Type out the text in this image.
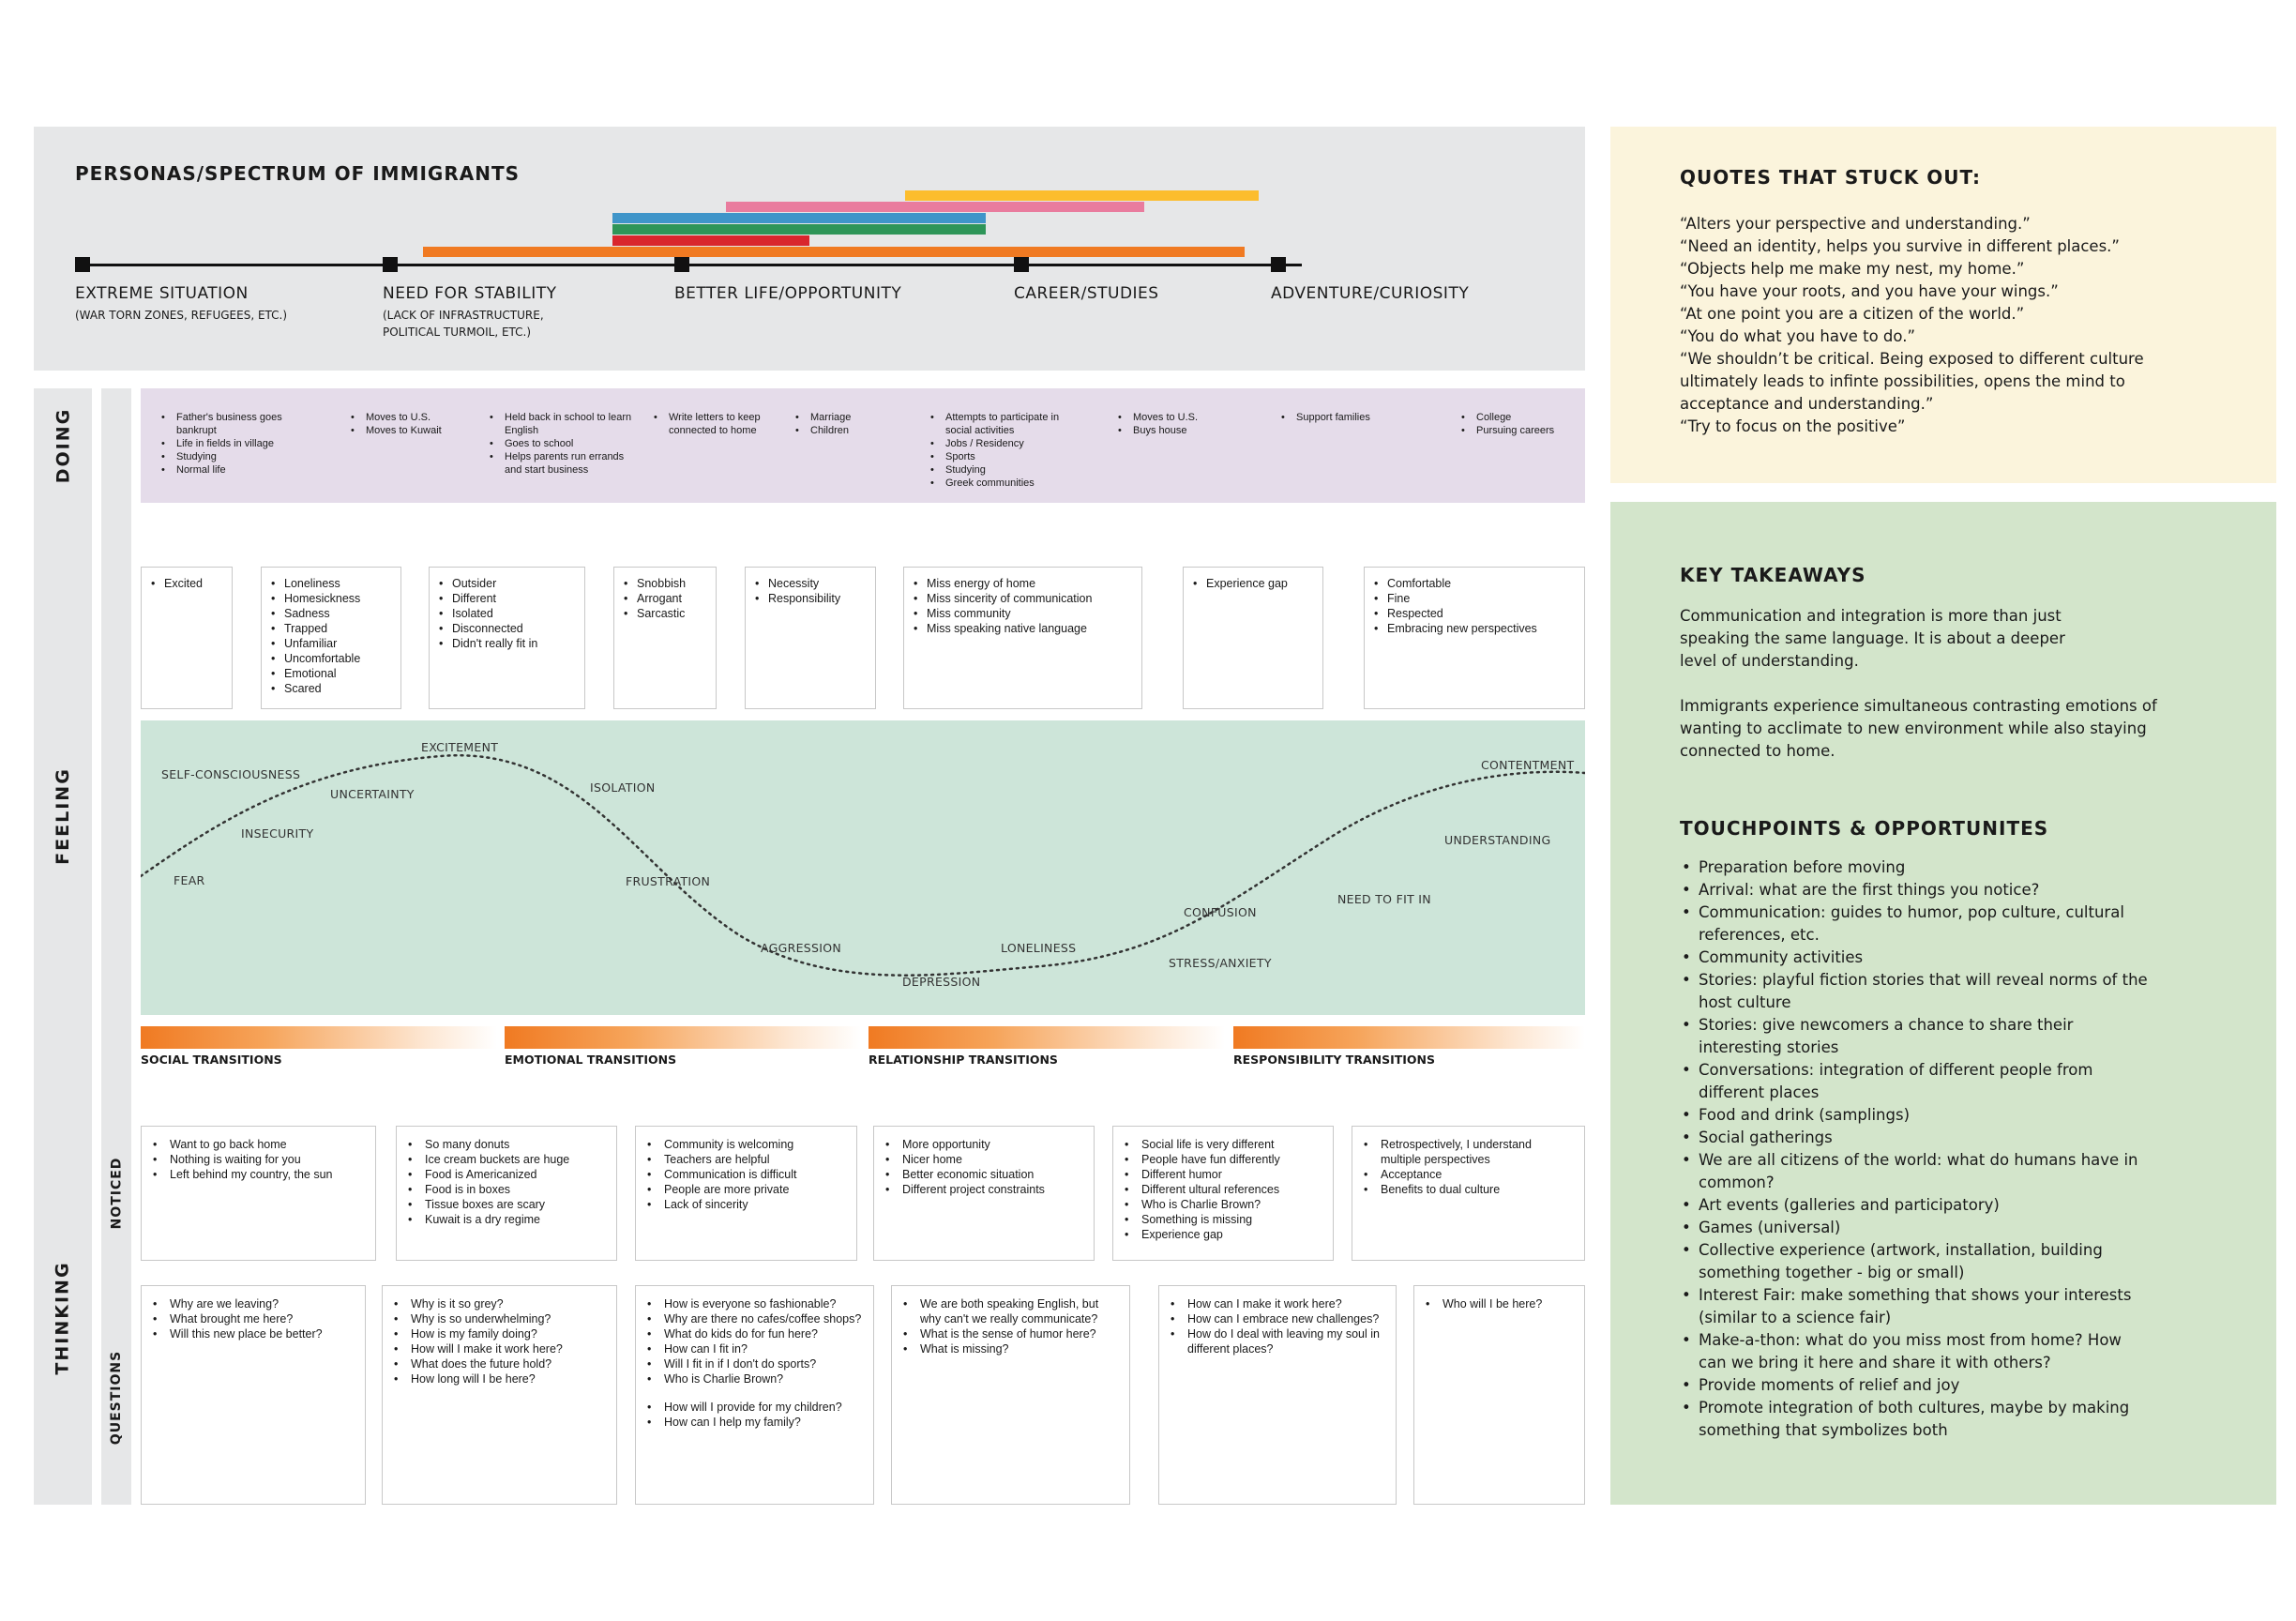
PERSONAS/SPECTRUM OF IMMIGRANTS
EXTREME SITUATION
(WAR TORN ZONES, REFUGEES, ETC.)
NEED FOR STABILITY
(LACK OF INFRASTRUCTURE, POLITICAL TURMOIL, ETC.)
BETTER LIFE/OPPORTUNITY	CAREER/STUDIES	ADVENTURE/CURIOSITY
DOING
FEELING
THINKING
NOTICED
QUESTIONS
• Father's business goes bankrupt
• Life in fields in village
• Studying
• Normal life
• Moves to U.S.
• Moves to Kuwait
• Held back in school to learn English
• Goes to school
• Helps parents run errands and start business
• Write letters to keep connected to home
• Marriage
• Children
• Attempts to participate in social activities
• Jobs / Residency
• Sports
• Studying
• Greek communities
• Moves to U.S.
• Buys house
• Support families	• College
• Pursuing careers
• Excited	• Loneliness
• Homesickness
• Sadness
• Trapped
• Unfamiliar
• Uncomfortable
• Emotional
• Scared
• Outsider
• Different
• Isolated
• Disconnected
• Didn't really fit in
• Snobbish
• Arrogant
• Sarcastic
• Necessity
• Responsibility
• Miss energy of home
• Miss sincerity of communication
• Miss community
• Miss speaking native language
• Experience gap	• Comfortable
• Fine
• Respected
• Embracing new perspectives
FEAR
INSECURITY
SELF-CONSCIOUSNESS
UNCERTAINTY
EXCITEMENT
ISOLATION
FRUSTRATION
AGGRESSION
DEPRESSION
LONELINESS
STRESS/ANXIETY
CONFUSION
NEED TO FIT IN
UNDERSTANDING
CONTENTMENT
SOCIAL TRANSITIONS	EMOTIONAL TRANSITIONS	RELATIONSHIP TRANSITIONS	RESPONSIBILITY TRANSITIONS
• Want to go back home
• Nothing is waiting for you
• Left behind my country, the sun
• So many donuts
• Ice cream buckets are huge
• Food is Americanized
• Food is in boxes
• Tissue boxes are scary
• Kuwait is a dry regime
• Community is welcoming
• Teachers are helpful
• Communication is difficult
• People are more private
• Lack of sincerity
• More opportunity
• Nicer home
• Better economic situation
• Different project constraints
• Social life is very different
• People have fun differently
• Different humor
• Different ultural references
• Who is Charlie Brown?
• Something is missing
• Experience gap
• Retrospectively, I understand multiple perspectives
• Acceptance
• Benefits to dual culture
• Why are we leaving?
• What brought me here?
• Will this new place be better?
• Why is it so grey?
• Why is so underwhelming?
• How is my family doing?
• How will I make it work here?
• What does the future hold?
• How long will I be here?
• How is everyone so fashionable?
• Why are there no cafes/coffee shops?
• What do kids do for fun here?
• How can I fit in?
• Will I fit in if I don't do sports?
• Who is Charlie Brown?
• How will I provide for my children?
• How can I help my family?
• We are both speaking English, but why can't we really communicate?
• What is the sense of humor here?
• What is missing?
• How can I make it work here?
• How can I embrace new challenges?
• How do I deal with leaving my soul in different places?
• Who will I be here?
QUOTES THAT STUCK OUT:
“Alters your perspective and understanding.”
“Need an identity, helps you survive in different places.”
“Objects help me make my nest, my home.”
“You have your roots, and you have your wings.”
“At one point you are a citizen of the world.”
“You do what you have to do.”
“We shouldn’t be critical. Being exposed to different culture ultimately leads to infinte possibilities, opens the mind to acceptance and understanding.”
“Try to focus on the positive”
KEY TAKEAWAYS
Communication and integration is more than just speaking the same language. It is about a deeper level of understanding.
Immigrants experience simultaneous contrasting emotions of wanting to acclimate to new environment while also staying connected to home.
TOUCHPOINTS & OPPORTUNITES
• Preparation before moving
• Arrival: what are the first things you notice?
• Communication: guides to humor, pop culture, cultural references, etc.
• Community activities
• Stories: playful fiction stories that will reveal norms of the host culture
• Stories: give newcomers a chance to share their interesting stories
• Conversations: integration of different people from different places
• Food and drink (samplings)
• Social gatherings
• We are all citizens of the world: what do humans have in common?
• Art events (galleries and participatory)
• Games (universal)
• Collective experience (artwork, installation, building something together - big or small)
• Interest Fair: make something that shows your interests (similar to a science fair)
• Make-a-thon: what do you miss most from home? How can we bring it here and share it with others?
• Provide moments of relief and joy
• Promote integration of both cultures, maybe by making something that symbolizes both
